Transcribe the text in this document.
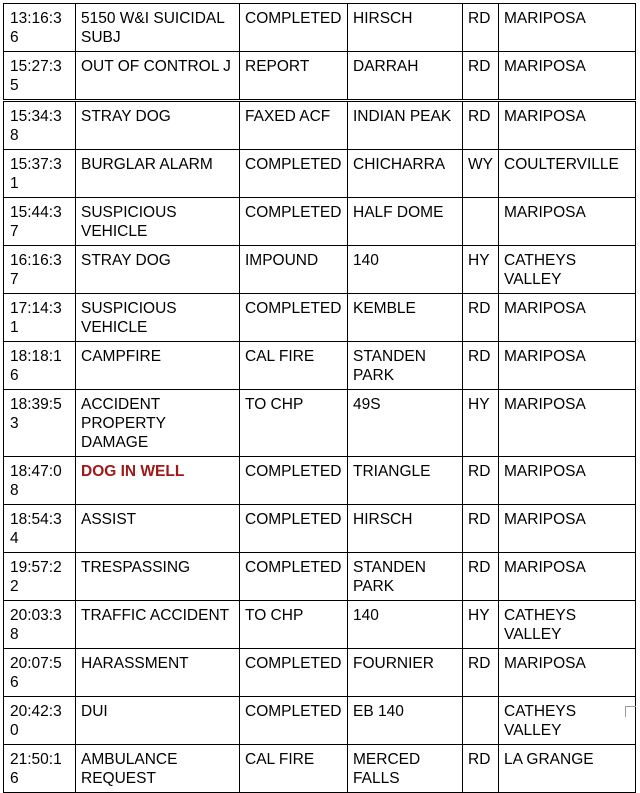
13:16:36	5150 W&I SUICIDAL SUBJ	COMPLETED	HIRSCH	RD	MARIPOSA
15:27:35	OUT OF CONTROL J	REPORT	DARRAH	RD	MARIPOSA
15:34:38	STRAY DOG	FAXED ACF	INDIAN PEAK	RD	MARIPOSA
15:37:31	BURGLAR ALARM	COMPLETED	CHICHARRA	WY	COULTERVILLE
15:44:37	SUSPICIOUS VEHICLE	COMPLETED	HALF DOME		MARIPOSA
16:16:37	STRAY DOG	IMPOUND	140	HY	CATHEYS VALLEY
17:14:31	SUSPICIOUS VEHICLE	COMPLETED	KEMBLE	RD	MARIPOSA
18:18:16	CAMPFIRE	CAL FIRE	STANDEN PARK	RD	MARIPOSA
18:39:53	ACCIDENT PROPERTY DAMAGE	TO CHP	49S	HY	MARIPOSA
18:47:08	DOG IN WELL	COMPLETED	TRIANGLE	RD	MARIPOSA
18:54:34	ASSIST	COMPLETED	HIRSCH	RD	MARIPOSA
19:57:22	TRESPASSING	COMPLETED	STANDEN PARK	RD	MARIPOSA
20:03:38	TRAFFIC ACCIDENT	TO CHP	140	HY	CATHEYS VALLEY
20:07:56	HARASSMENT	COMPLETED	FOURNIER	RD	MARIPOSA
20:42:30	DUI	COMPLETED	EB 140		CATHEYS VALLEY
21:50:16	AMBULANCE REQUEST	CAL FIRE	MERCED FALLS	RD	LA GRANGE
